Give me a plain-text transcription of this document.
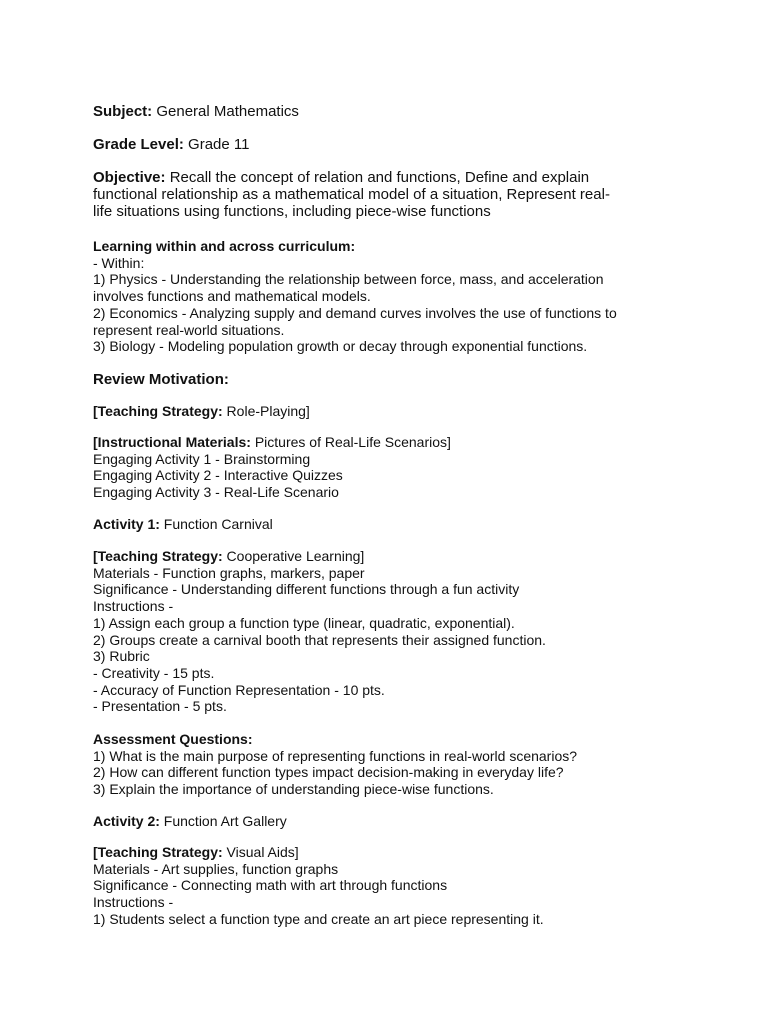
Subject: General Mathematics
Grade Level: Grade 11
Objective: Recall the concept of relation and functions, Define and explain
functional relationship as a mathematical model of a situation, Represent real-
life situations using functions, including piece-wise functions
Learning within and across curriculum:
- Within:
1) Physics - Understanding the relationship between force, mass, and acceleration
involves functions and mathematical models.
2) Economics - Analyzing supply and demand curves involves the use of functions to
represent real-world situations.
3) Biology - Modeling population growth or decay through exponential functions.
Review Motivation:
[Teaching Strategy: Role-Playing]
[Instructional Materials: Pictures of Real-Life Scenarios]
Engaging Activity 1 - Brainstorming
Engaging Activity 2 - Interactive Quizzes
Engaging Activity 3 - Real-Life Scenario
Activity 1: Function Carnival
[Teaching Strategy: Cooperative Learning]
Materials - Function graphs, markers, paper
Significance - Understanding different functions through a fun activity
Instructions -
1) Assign each group a function type (linear, quadratic, exponential).
2) Groups create a carnival booth that represents their assigned function.
3) Rubric
- Creativity - 15 pts.
- Accuracy of Function Representation - 10 pts.
- Presentation - 5 pts.
Assessment Questions:
1) What is the main purpose of representing functions in real-world scenarios?
2) How can different function types impact decision-making in everyday life?
3) Explain the importance of understanding piece-wise functions.
Activity 2: Function Art Gallery
[Teaching Strategy: Visual Aids]
Materials - Art supplies, function graphs
Significance - Connecting math with art through functions
Instructions -
1) Students select a function type and create an art piece representing it.
